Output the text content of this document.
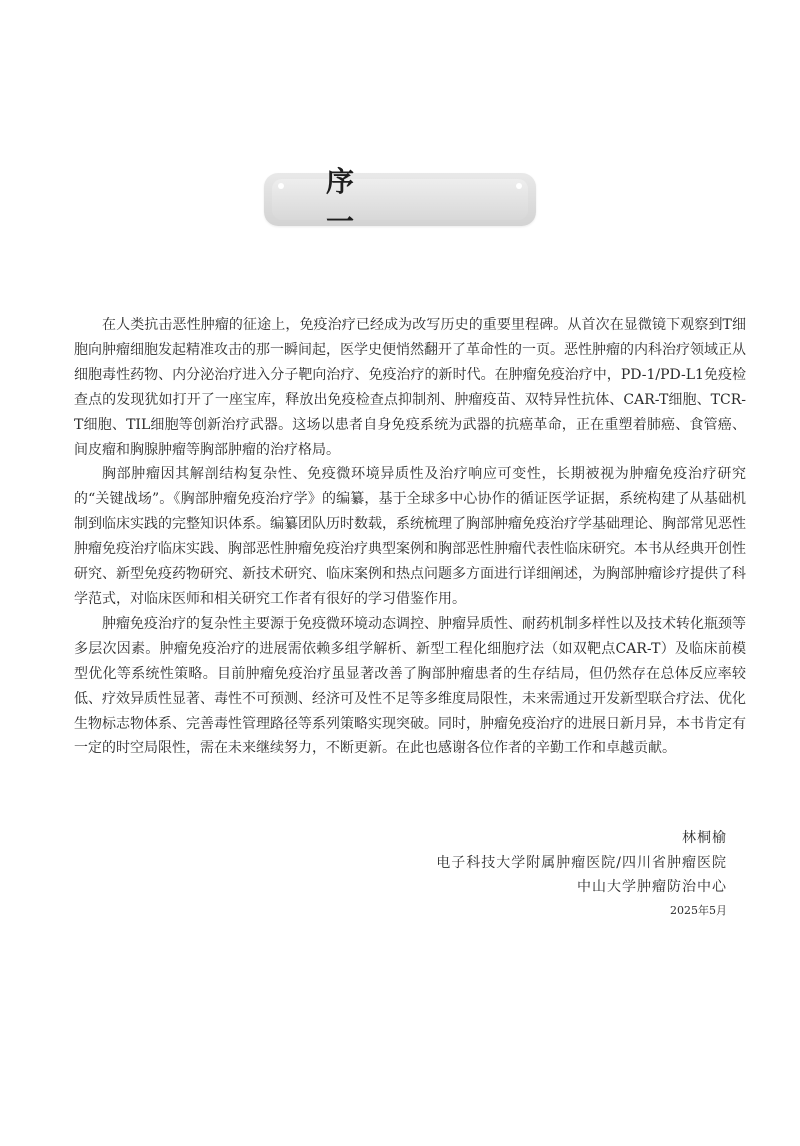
序 一

在人类抗击恶性肿瘤的征途上，免疫治疗已经成为改写历史的重要里程碑。从首次在显微镜下观察到T细胞向肿瘤细胞发起精准攻击的那一瞬间起，医学史便悄然翻开了革命性的一页。恶性肿瘤的内科治疗领域正从细胞毒性药物、内分泌治疗进入分子靶向治疗、免疫治疗的新时代。在肿瘤免疫治疗中，PD-1/PD-L1免疫检查点的发现犹如打开了一座宝库，释放出免疫检查点抑制剂、肿瘤疫苗、双特异性抗体、CAR-T细胞、TCR-T细胞、TIL细胞等创新治疗武器。这场以患者自身免疫系统为武器的抗癌革命，正在重塑着肺癌、食管癌、间皮瘤和胸腺肿瘤等胸部肿瘤的治疗格局。

胸部肿瘤因其解剖结构复杂性、免疫微环境异质性及治疗响应可变性，长期被视为肿瘤免疫治疗研究的“关键战场”。《胸部肿瘤免疫治疗学》的编纂，基于全球多中心协作的循证医学证据，系统构建了从基础机制到临床实践的完整知识体系。编纂团队历时数载，系统梳理了胸部肿瘤免疫治疗学基础理论、胸部常见恶性肿瘤免疫治疗临床实践、胸部恶性肿瘤免疫治疗典型案例和胸部恶性肿瘤代表性临床研究。本书从经典开创性研究、新型免疫药物研究、新技术研究、临床案例和热点问题多方面进行详细阐述，为胸部肿瘤诊疗提供了科学范式，对临床医师和相关研究工作者有很好的学习借鉴作用。

肿瘤免疫治疗的复杂性主要源于免疫微环境动态调控、肿瘤异质性、耐药机制多样性以及技术转化瓶颈等多层次因素。肿瘤免疫治疗的进展需依赖多组学解析、新型工程化细胞疗法（如双靶点CAR-T）及临床前模型优化等系统性策略。目前肿瘤免疫治疗虽显著改善了胸部肿瘤患者的生存结局，但仍然存在总体反应率较低、疗效异质性显著、毒性不可预测、经济可及性不足等多维度局限性，未来需通过开发新型联合疗法、优化生物标志物体系、完善毒性管理路径等系列策略实现突破。同时，肿瘤免疫治疗的进展日新月异，本书肯定有一定的时空局限性，需在未来继续努力，不断更新。在此也感谢各位作者的辛勤工作和卓越贡献。

林桐榆
电子科技大学附属肿瘤医院/四川省肿瘤医院
中山大学肿瘤防治中心
2025年5月
